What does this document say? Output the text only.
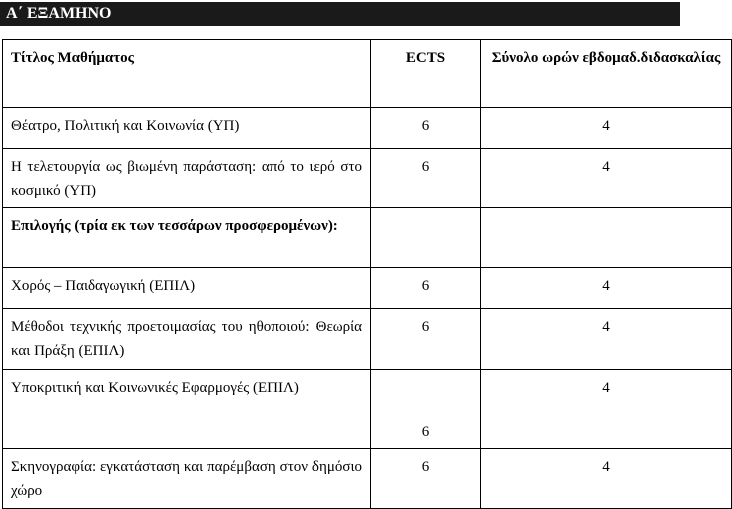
Α΄ ΕΞΑΜΗΝΟ
Τίτλος Μαθήματος	ECTS	Σύνολο ωρών εβδομαδ.διδασκαλίας
Θέατρο, Πολιτική και Κοινωνία (ΥΠ)	6	4
Η τελετουργία ως βιωμένη παράσταση: από το ιερό στο κοσμικό (ΥΠ)	6	4
Επιλογής (τρία εκ των τεσσάρων προσφερομένων):		
Χορός – Παιδαγωγική (ΕΠΙΛ)	6	4
Μέθοδοι τεχνικής προετοιμασίας του ηθοποιού: Θεωρία και Πράξη (ΕΠΙΛ)	6	4
Υποκριτική και Κοινωνικές Εφαρμογές (ΕΠΙΛ)	6	4
Σκηνογραφία: εγκατάσταση και παρέμβαση στον δημόσιο χώρο	6	4
